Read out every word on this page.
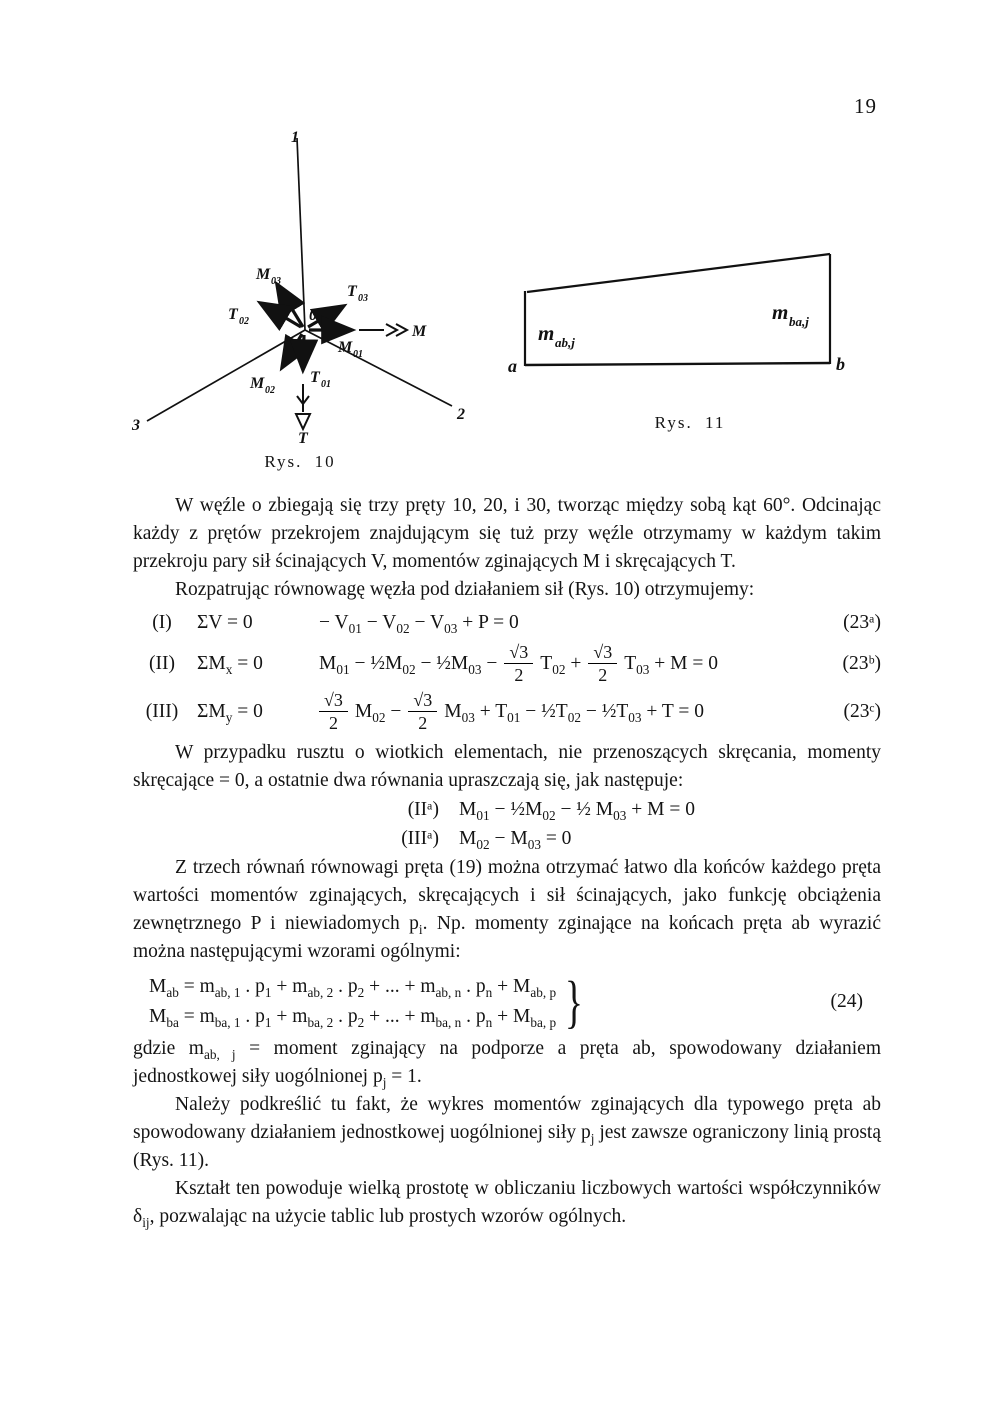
19
1
2
3
0
M 03
T 03
T 02
M 01
M 02
T 01
M
T
Rys. 10
a	b
m ab,j
m ba,j
Rys. 11

W węźle o zbiegają się trzy pręty 10, 20, i 30, tworząc między sobą kąt 60°. Odcinając każdy z prętów przekrojem znajdującym się tuż przy węźle otrzymamy w każdym takim przekroju pary sił ścinających V, momentów zginających M i skręcających T.

Rozpatrując równowagę węzła pod działaniem sił (Rys. 10) otrzymujemy:

(I)	ΣV = 0	− $V_{01} - V_{02} - V_{03} + P = 0$	(23ᵃ)
(II)	$\Sigma M_x = 0$	$M_{01}$ − $\frac{1}{2}M_{02}$ − $\frac{1}{2}M_{03} - \frac{√3}{2} T_{02} + \frac{√3}{2} T_{03} + M = 0$	(23ᵇ)
(III) $\Sigma M_y = 0$	$\frac{√3}{2} M_{02} - \frac{√3}{2} M_{03} + T_{01}$ − $\frac{1}{2}T_{02}$ − $\frac{1}{2}T_{03} + T = 0$	(23ᶜ)

W przypadku rusztu o wiotkich elementach, nie przenoszących skręcania, momenty skręcające = 0, a ostatnie dwa równania upraszczają się, jak następuje:

(IIᵃ) $M_{01}$ − $\frac{1}{2}M_{02}$ − ½ $M_{03} + M = 0$
(IIIᵃ) $M_{02} - M_{03} = 0$

Z trzech równań równowagi pręta (19) można otrzymać łatwo dla końców każdego pręta wartości momentów zginających, skręcających i sił ścinających, jako funkcję obciążenia zewnętrznego P i niewiadomych $p_i$. Np. momenty zginające na końcach pręta ab wyrazić można następującymi wzorami ogólnymi:

$M_{ab} = m_{ab, 1}$ . $p_1 + m_{ab, 2}$ . $p_2$ + ... + $m_{ab, n}$ . $p_n + M_{ab, p}$
$M_{ba} = m_{ba, 1}$ . $p_1 + m_{ba, 2}$ . $p_2$ + ... + $m_{ba, n}$ . $p_n + M_{ba, p}$ }	(24)

gdzie $m_{ab, j}$ = moment zginający na podporze a pręta ab, spowodowany działaniem jednostkowej siły uogólnionej $p_j = 1$.

Należy podkreślić tu fakt, że wykres momentów zginających dla typowego pręta ab spowodowany działaniem jednostkowej uogólnionej siły $p_j$ jest zawsze ograniczony linią prostą (Rys. 11).

Kształt ten powoduje wielką prostotę w obliczaniu liczbowych wartości współczynników $\delta_{ij}$, pozwalając na użycie tablic lub prostych wzorów ogólnych.
